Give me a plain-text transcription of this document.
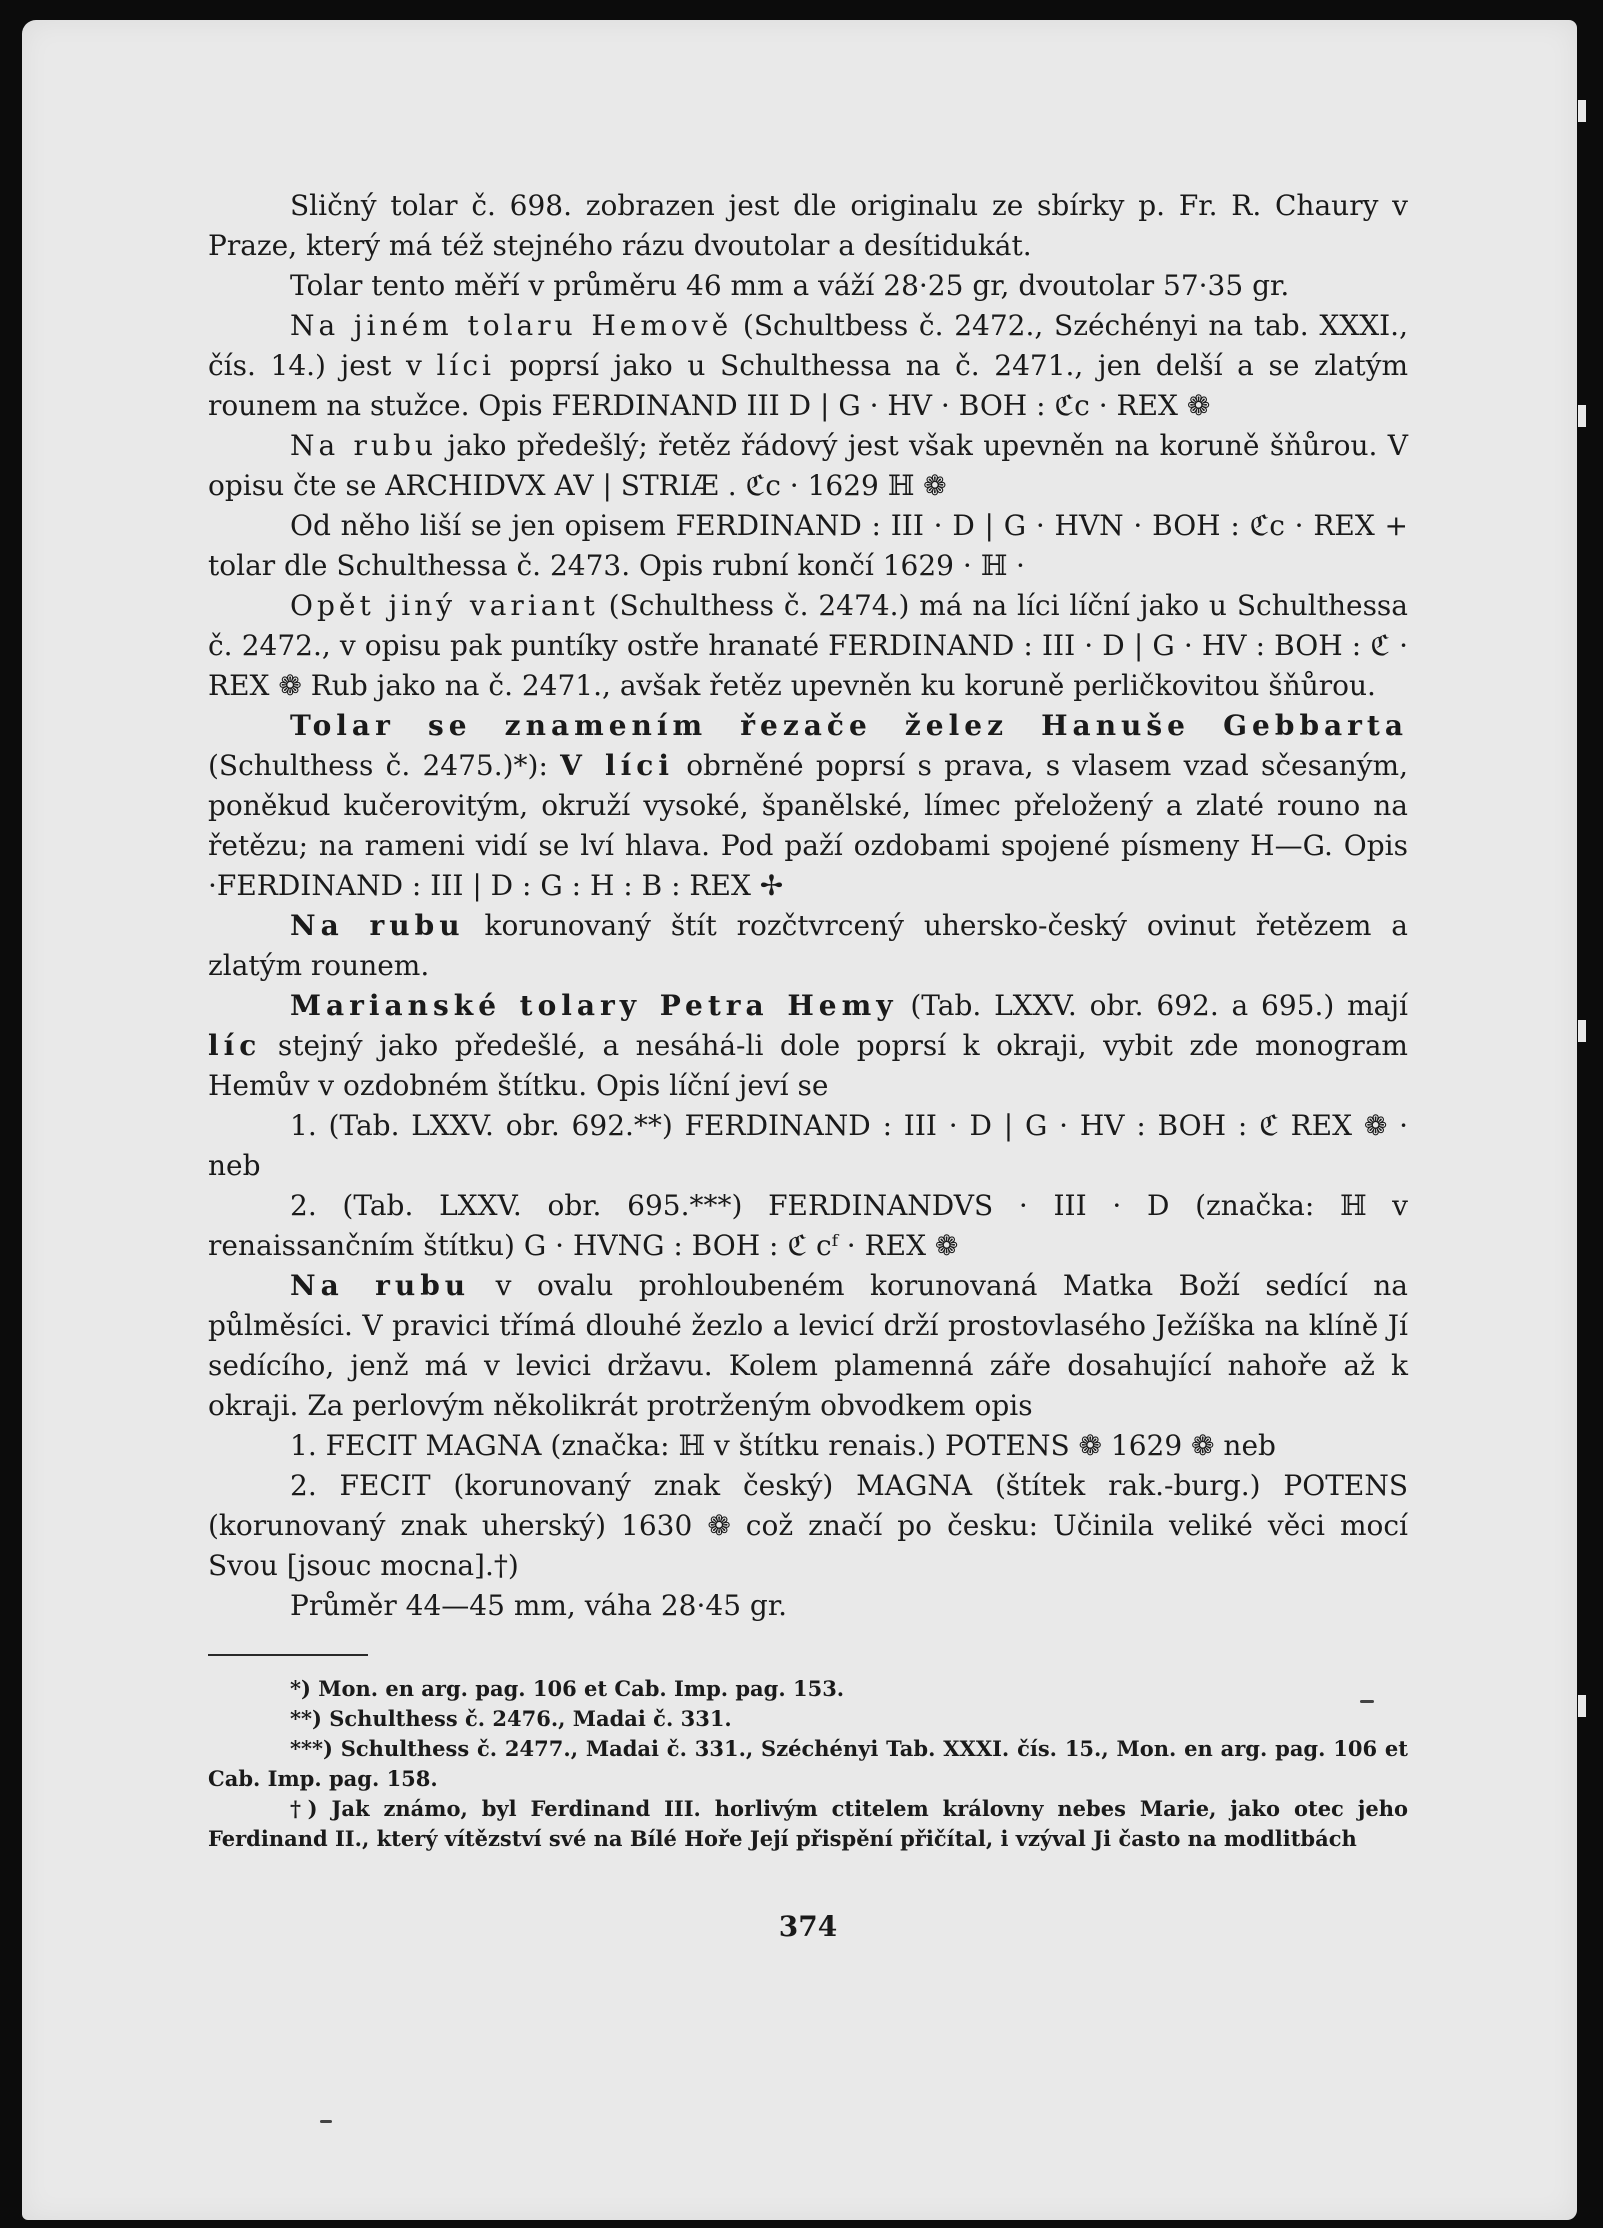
Sličný tolar č. 698. zobrazen jest dle originalu ze sbírky p. Fr. R. Chaury v Praze, který má též stejného rázu dvoutolar a desítidukát.

Tolar tento měří v průměru 46 mm a váží 28·25 gr, dvoutolar 57·35 gr.

Na jiném tolaru Hemově (Schultbess č. 2472., Széchényi na tab. XXXI., čís. 14.) jest v líci poprsí jako u Schulthessa na č. 2471., jen delší a se zlatým rounem na stužce. Opis FERDINAND III D | G · HV · BOH : ℭc · REX ❁

Na rubu jako předešlý; řetěz řádový jest však upevněn na koruně šňůrou. V opisu čte se ARCHIDVX AV | STRIÆ . ℭc · 1629 ℍ ❁

Od něho liší se jen opisem FERDINAND : III · D | G · HVN · BOH : ℭc · REX + tolar dle Schulthessa č. 2473. Opis rubní končí 1629 · ℍ ·

Opět jiný variant (Schulthess č. 2474.) má na líci líční jako u Schulthessa č. 2472., v opisu pak puntíky ostře hranaté FERDINAND : III · D | G · HV : BOH : ℭ · REX ❁ Rub jako na č. 2471., avšak řetěz upevněn ku koruně perličkovitou šňůrou.

Tolar se znamením řezače želez Hanuše Gebbarta (Schulthess č. 2475.)*): V líci obrněné poprsí s prava, s vlasem vzad sčesaným, poněkud kučerovitým, okruží vysoké, španělské, límec přeložený a zlaté rouno na řetězu; na rameni vidí se lví hlava. Pod paží ozdobami spojené písmeny H—G. Opis ·FERDINAND : III | D : G : H : B : REX ✢

Na rubu korunovaný štít rozčtvrcený uhersko-český ovinut řetězem a zlatým rounem.

Marianské tolary Petra Hemy (Tab. LXXV. obr. 692. a 695.) mají líc stejný jako předešlé, a nesáhá-li dole poprsí k okraji, vybit zde monogram Hemův v ozdobném štítku. Opis líční jeví se

1. (Tab. LXXV. obr. 692.**) FERDINAND : III · D | G · HV : BOH : ℭ REX ❁ · neb

2. (Tab. LXXV. obr. 695.***) FERDINANDVS · III · D (značka: ℍ v renaissančním štítku) G · HVNG : BOH : ℭ cᶠ · REX ❁

Na rubu v ovalu prohloubeném korunovaná Matka Boží sedící na půlměsíci. V pravici třímá dlouhé žezlo a levicí drží prostovlasého Ježíška na klíně Jí sedícího, jenž má v levici državu. Kolem plamenná záře dosahující nahoře až k okraji. Za perlovým několikrát protrženým obvodkem opis

1. FECIT MAGNA (značka: ℍ v štítku renais.) POTENS ❁ 1629 ❁ neb

2. FECIT (korunovaný znak český) MAGNA (štítek rak.-burg.) POTENS (korunovaný znak uherský) 1630 ❁ což značí po česku: Učinila veliké věci mocí Svou [jsouc mocna].†)

Průměr 44—45 mm, váha 28·45 gr.

*) Mon. en arg. pag. 106 et Cab. Imp. pag. 153.

**) Schulthess č. 2476., Madai č. 331.

***) Schulthess č. 2477., Madai č. 331., Széchényi Tab. XXXI. čís. 15., Mon. en arg. pag. 106 et Cab. Imp. pag. 158.

†) Jak známo, byl Ferdinand III. horlivým ctitelem královny nebes Marie, jako otec jeho Ferdinand II., který vítězství své na Bílé Hoře Její přispění přičítal, i vzýval Ji často na modlitbách

374
